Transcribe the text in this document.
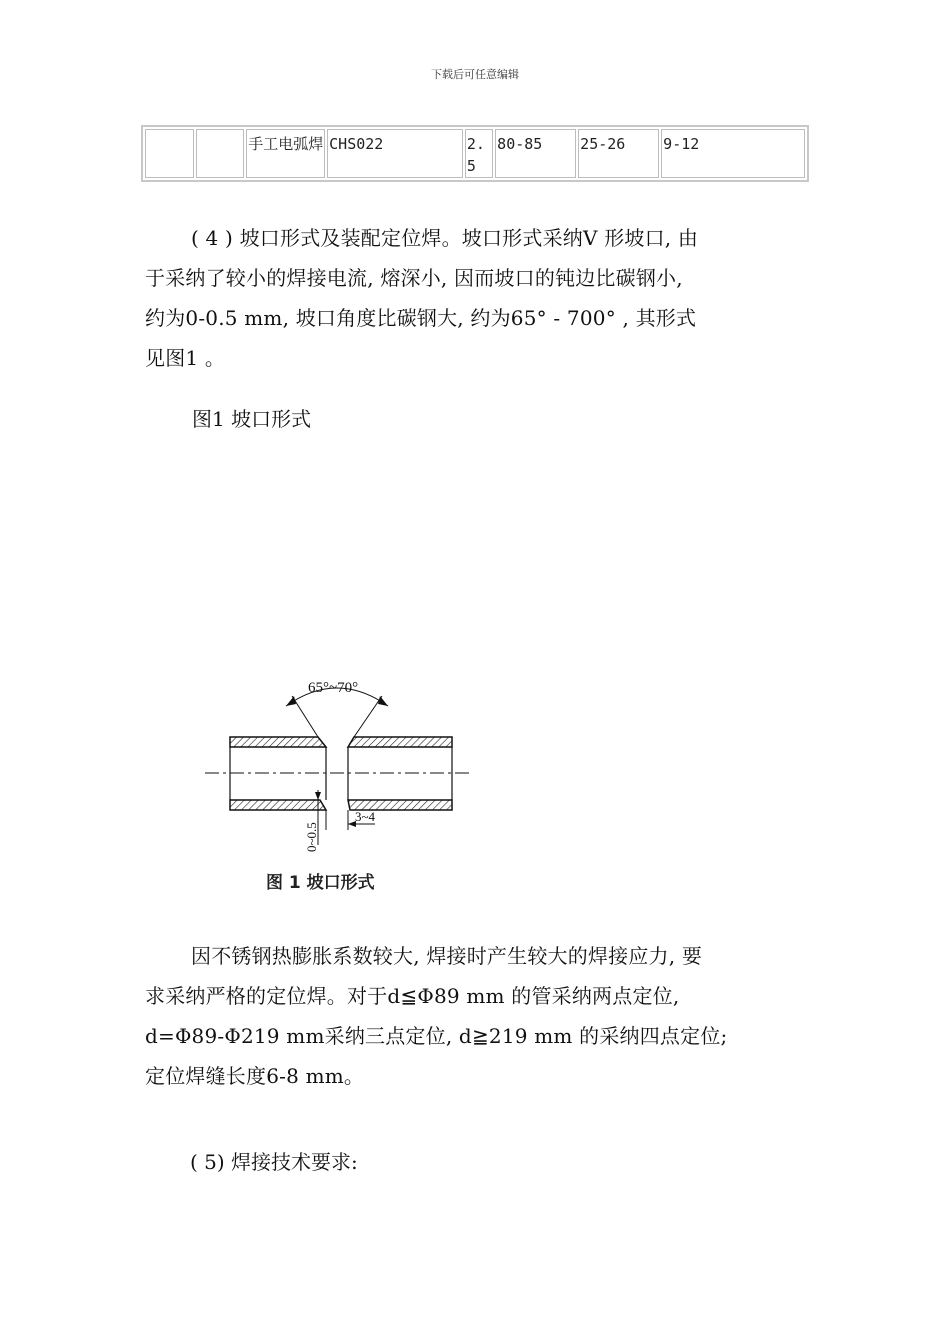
下载后可任意编辑
		手工电弧焊	CHS022	2.5	80-85	25-26	9-12
( 4 ) 坡口形式及装配定位焊。坡口形式采纳V 形坡口, 由
于采纳了较小的焊接电流, 熔深小, 因而坡口的钝边比碳钢小,
约为0-0.5 mm, 坡口角度比碳钢大, 约为65° - 700° , 其形式
见图1 。
图1 坡口形式
65°~70°
3~4
0~0.5
图 1 坡口形式
因不锈钢热膨胀系数较大, 焊接时产生较大的焊接应力, 要
求采纳严格的定位焊。对于d≦Φ89 mm 的管采纳两点定位,
d=Φ89-Φ219 mm采纳三点定位, d≧219 mm 的采纳四点定位;
定位焊缝长度6-8 mm。
( 5) 焊接技术要求:
